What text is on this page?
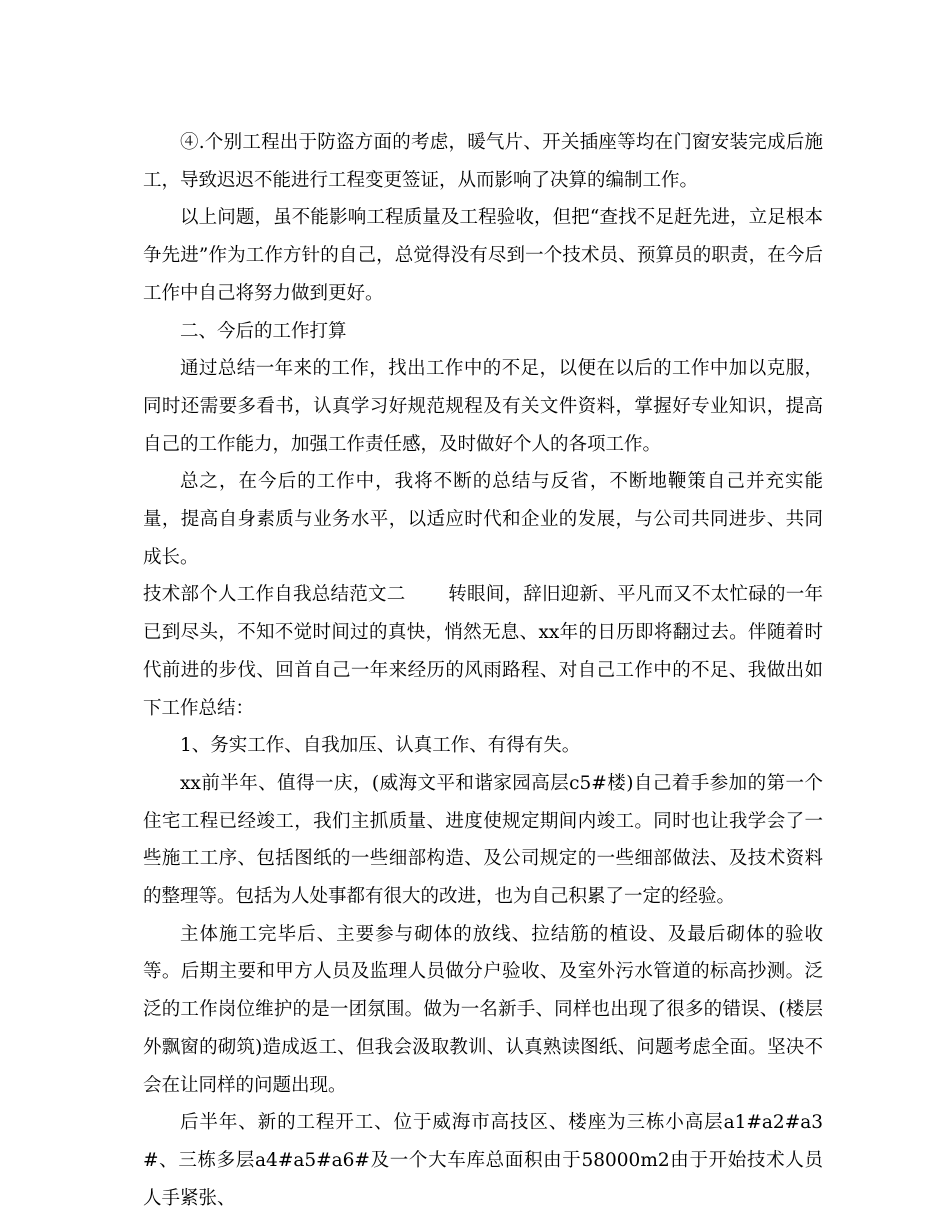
④.个别工程出于防盗方面的考虑，暖气片、开关插座等均在门窗安装完成后施工，导致迟迟不能进行工程变更签证，从而影响了决算的编制工作。

以上问题，虽不能影响工程质量及工程验收，但把“查找不足赶先进，立足根本争先进”作为工作方针的自己，总觉得没有尽到一个技术员、预算员的职责，在今后工作中自己将努力做到更好。

二、今后的工作打算

通过总结一年来的工作，找出工作中的不足，以便在以后的工作中加以克服，同时还需要多看书，认真学习好规范规程及有关文件资料，掌握好专业知识，提高自己的工作能力，加强工作责任感，及时做好个人的各项工作。

总之，在今后的工作中，我将不断的总结与反省，不断地鞭策自己并充实能量，提高自身素质与业务水平，以适应时代和企业的发展，与公司共同进步、共同成长。

技术部个人工作自我总结范文二 转眼间，辞旧迎新、平凡而又不太忙碌的一年已到尽头，不知不觉时间过的真快，悄然无息、xx年的日历即将翻过去。伴随着时代前进的步伐、回首自己一年来经历的风雨路程、对自己工作中的不足、我做出如下工作总结：

1、务实工作、自我加压、认真工作、有得有失。

xx前半年、值得一庆，(威海文平和谐家园高层c5#楼)自己着手参加的第一个住宅工程已经竣工，我们主抓质量、进度使规定期间内竣工。同时也让我学会了一些施工工序、包括图纸的一些细部构造、及公司规定的一些细部做法、及技术资料的整理等。包括为人处事都有很大的改进，也为自己积累了一定的经验。

主体施工完毕后、主要参与砌体的放线、拉结筋的植设、及最后砌体的验收等。后期主要和甲方人员及监理人员做分户验收、及室外污水管道的标高抄测。泛泛的工作岗位维护的是一团氛围。做为一名新手、同样也出现了很多的错误、(楼层外飘窗的砌筑)造成返工、但我会汲取教训、认真熟读图纸、问题考虑全面。坚决不会在让同样的问题出现。

后半年、新的工程开工、位于威海市高技区、楼座为三栋小高层a1#a2#a3#、三栋多层a4#a5#a6#及一个大车库总面积由于58000m2由于开始技术人员人手紧张、
